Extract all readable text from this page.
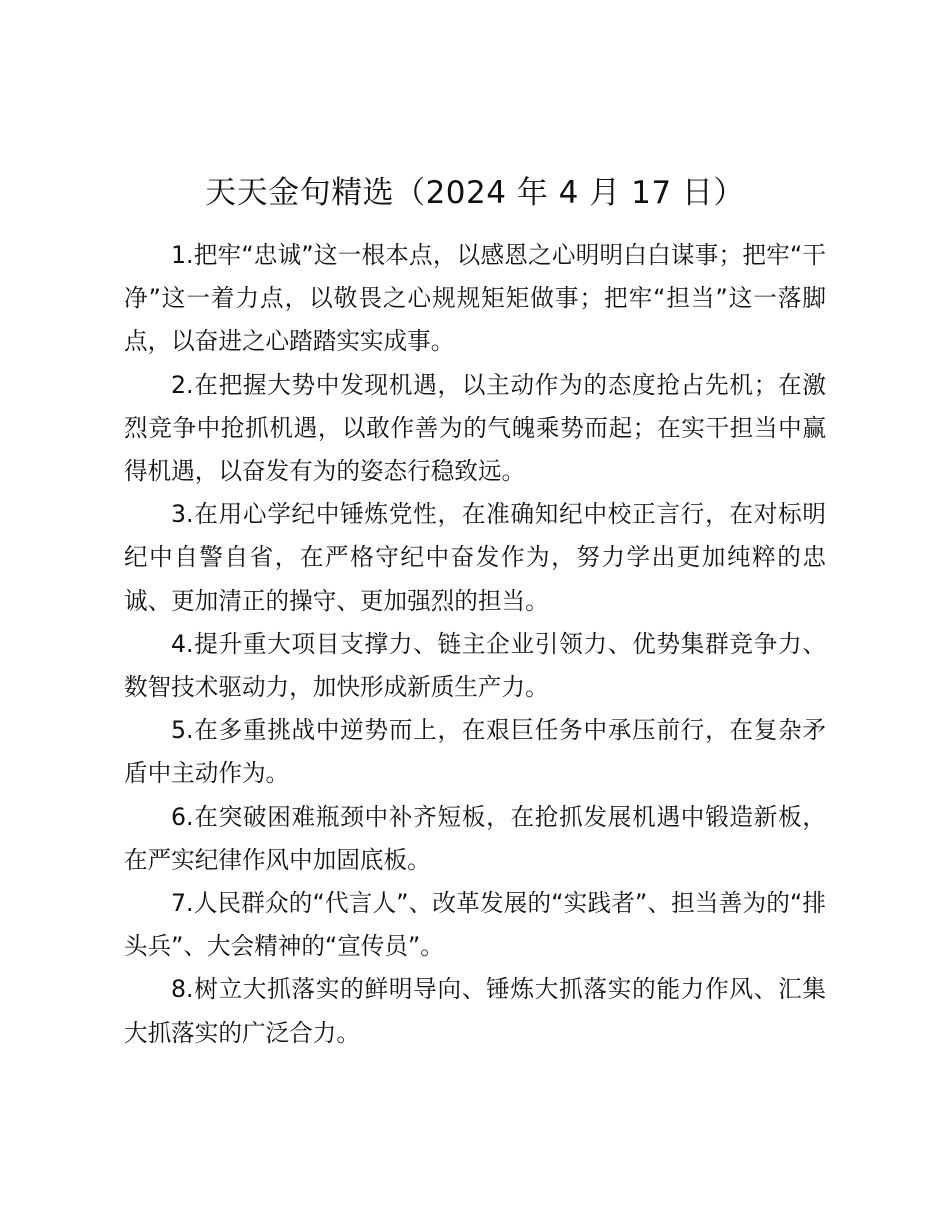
天天金句精选（2024 年 4 月 17 日）

1.把牢“忠诚”这一根本点，以感恩之心明明白白谋事；把牢“干净”这一着力点，以敬畏之心规规矩矩做事；把牢“担当”这一落脚点，以奋进之心踏踏实实成事。

2.在把握大势中发现机遇，以主动作为的态度抢占先机；在激烈竞争中抢抓机遇，以敢作善为的气魄乘势而起；在实干担当中赢得机遇，以奋发有为的姿态行稳致远。

3.在用心学纪中锤炼党性，在准确知纪中校正言行，在对标明纪中自警自省，在严格守纪中奋发作为，努力学出更加纯粹的忠诚、更加清正的操守、更加强烈的担当。

4.提升重大项目支撑力、链主企业引领力、优势集群竞争力、数智技术驱动力，加快形成新质生产力。

5.在多重挑战中逆势而上，在艰巨任务中承压前行，在复杂矛盾中主动作为。

6.在突破困难瓶颈中补齐短板，在抢抓发展机遇中锻造新板，在严实纪律作风中加固底板。

7.人民群众的“代言人”、改革发展的“实践者”、担当善为的“排头兵”、大会精神的“宣传员”。

8.树立大抓落实的鲜明导向、锤炼大抓落实的能力作风、汇集大抓落实的广泛合力。
